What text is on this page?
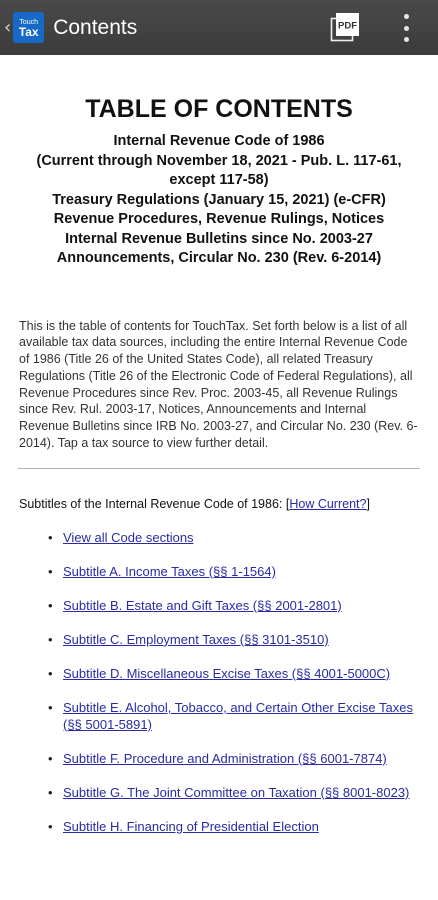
‹ Touch
Tax Contents	PDF
TABLE OF CONTENTS
Internal Revenue Code of 1986
(Current through November 18, 2021 - Pub. L. 117-61, except 117-58)
Treasury Regulations (January 15, 2021) (e-CFR)
Revenue Procedures, Revenue Rulings, Notices
Internal Revenue Bulletins since No. 2003-27
Announcements, Circular No. 230 (Rev. 6-2014)

This is the table of contents for TouchTax. Set forth below is a list of all available tax data sources, including the entire Internal Revenue Code of 1986 (Title 26 of the United States Code), all related Treasury Regulations (Title 26 of the Electronic Code of Federal Regulations), all Revenue Procedures since Rev. Proc. 2003-45, all Revenue Rulings since Rev. Rul. 2003-17, Notices, Announcements and Internal Revenue Bulletins since IRB No. 2003-27, and Circular No. 230 (Rev. 6-2014). Tap a tax source to view further detail.

Subtitles of the Internal Revenue Code of 1986: [How Current?]
• View all Code sections
• Subtitle A. Income Taxes (§§ 1-1564)
• Subtitle B. Estate and Gift Taxes (§§ 2001-2801)
• Subtitle C. Employment Taxes (§§ 3101-3510)
• Subtitle D. Miscellaneous Excise Taxes (§§ 4001-5000C)
• Subtitle E. Alcohol, Tobacco, and Certain Other Excise Taxes (§§ 5001-5891)
• Subtitle F. Procedure and Administration (§§ 6001-7874)
• Subtitle G. The Joint Committee on Taxation (§§ 8001-8023)
• Subtitle H. Financing of Presidential Election
